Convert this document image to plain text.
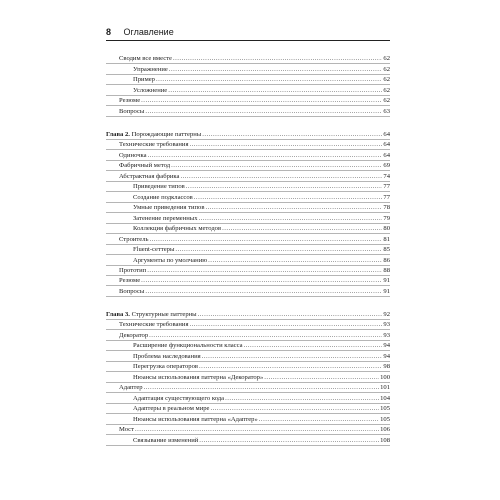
8 Оглавление
Сводим все вместе .....	62
Упражнение .....	62
Пример .....	62
Усложнение .....	62
Резюме .....	62
Вопросы .....	63
Глава 2. Порождающие паттерны .....	64
Технические требования .....	64
Одиночка .....	64
Фабричный метод .....	69
Абстрактная фабрика .....	74
Приведение типов .....	77
Создание подклассов .....	77
Умные приведения типов .....	78
Затенение переменных .....	79
Коллекция фабричных методов .....	80
Строитель .....	81
Fluent-сеттеры .....	85
Аргументы по умолчанию .....	86
Прототип .....	88
Резюме .....	91
Вопросы .....	91
Глава 3. Структурные паттерны .....	92
Технические требования .....	93
Декоратор .....	93
Расширение функциональности класса .....	94
Проблема наследования .....	94
Перегрузка операторов .....	98
Нюансы использования паттерна «Декоратор» .....	100
Адаптер .....	101
Адаптация существующего кода .....	104
Адаптеры в реальном мире .....	105
Нюансы использования паттерна «Адаптер» .....	105
Мост .....	106
Связывание изменений .....	108
